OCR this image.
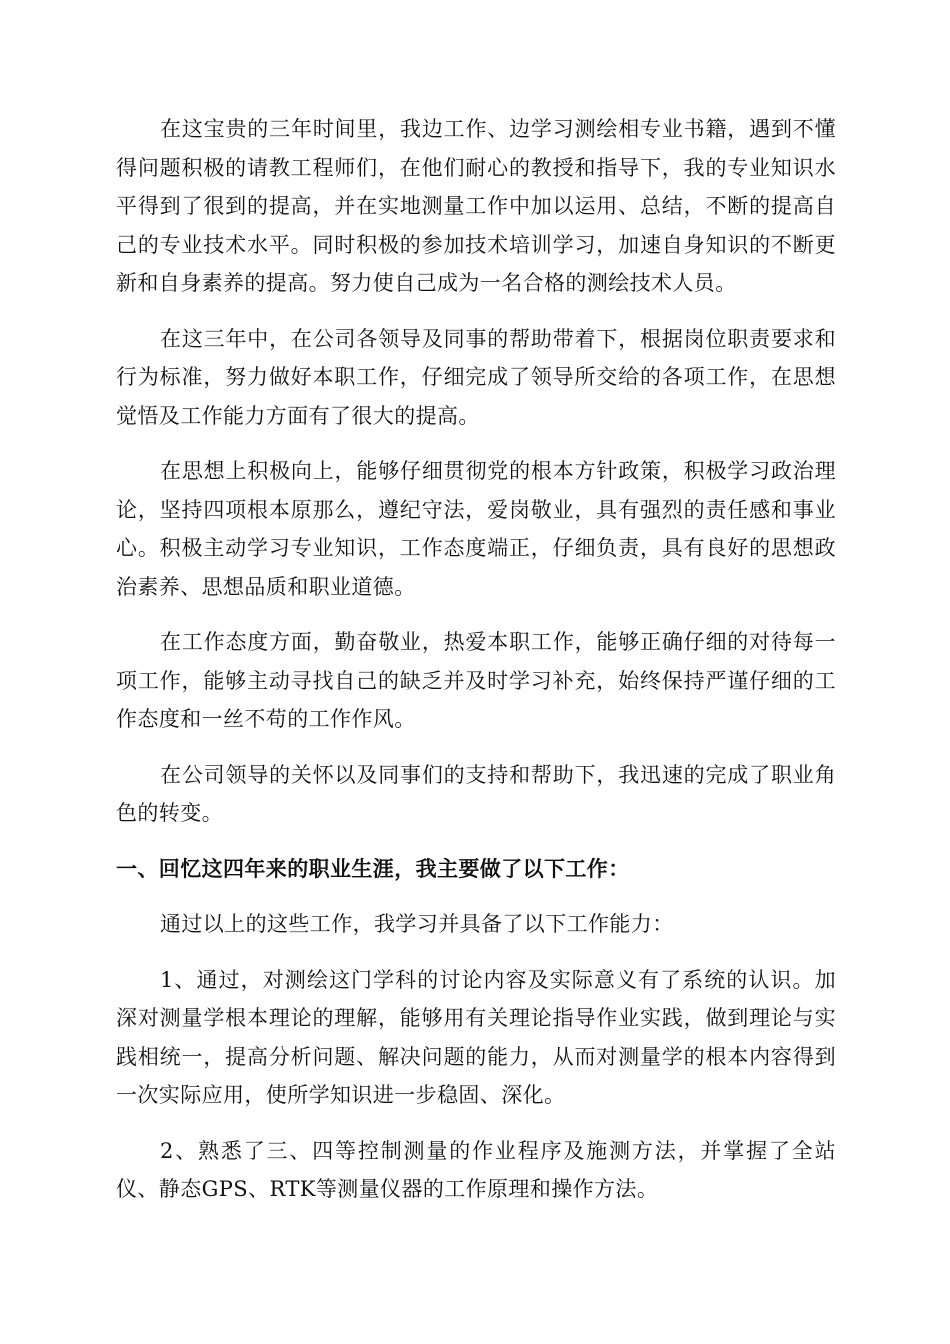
在这宝贵的三年时间里，我边工作、边学习测绘相专业书籍，遇到不懂得问题积极的请教工程师们，在他们耐心的教授和指导下，我的专业知识水平得到了很到的提高，并在实地测量工作中加以运用、总结，不断的提高自己的专业技术水平。同时积极的参加技术培训学习，加速自身知识的不断更新和自身素养的提高。努力使自己成为一名合格的测绘技术人员。

在这三年中，在公司各领导及同事的帮助带着下，根据岗位职责要求和行为标准，努力做好本职工作，仔细完成了领导所交给的各项工作，在思想觉悟及工作能力方面有了很大的提高。

在思想上积极向上，能够仔细贯彻党的根本方针政策，积极学习政治理论，坚持四项根本原那么，遵纪守法，爱岗敬业，具有强烈的责任感和事业心。积极主动学习专业知识，工作态度端正，仔细负责，具有良好的思想政治素养、思想品质和职业道德。

在工作态度方面，勤奋敬业，热爱本职工作，能够正确仔细的对待每一项工作，能够主动寻找自己的缺乏并及时学习补充，始终保持严谨仔细的工作态度和一丝不苟的工作作风。

在公司领导的关怀以及同事们的支持和帮助下，我迅速的完成了职业角色的转变。

一、回忆这四年来的职业生涯，我主要做了以下工作：

通过以上的这些工作，我学习并具备了以下工作能力：

1、通过，对测绘这门学科的讨论内容及实际意义有了系统的认识。加深对测量学根本理论的理解，能够用有关理论指导作业实践，做到理论与实践相统一，提高分析问题、解决问题的能力，从而对测量学的根本内容得到一次实际应用，使所学知识进一步稳固、深化。

2、熟悉了三、四等控制测量的作业程序及施测方法，并掌握了全站仪、静态GPS、RTK等测量仪器的工作原理和操作方法。
